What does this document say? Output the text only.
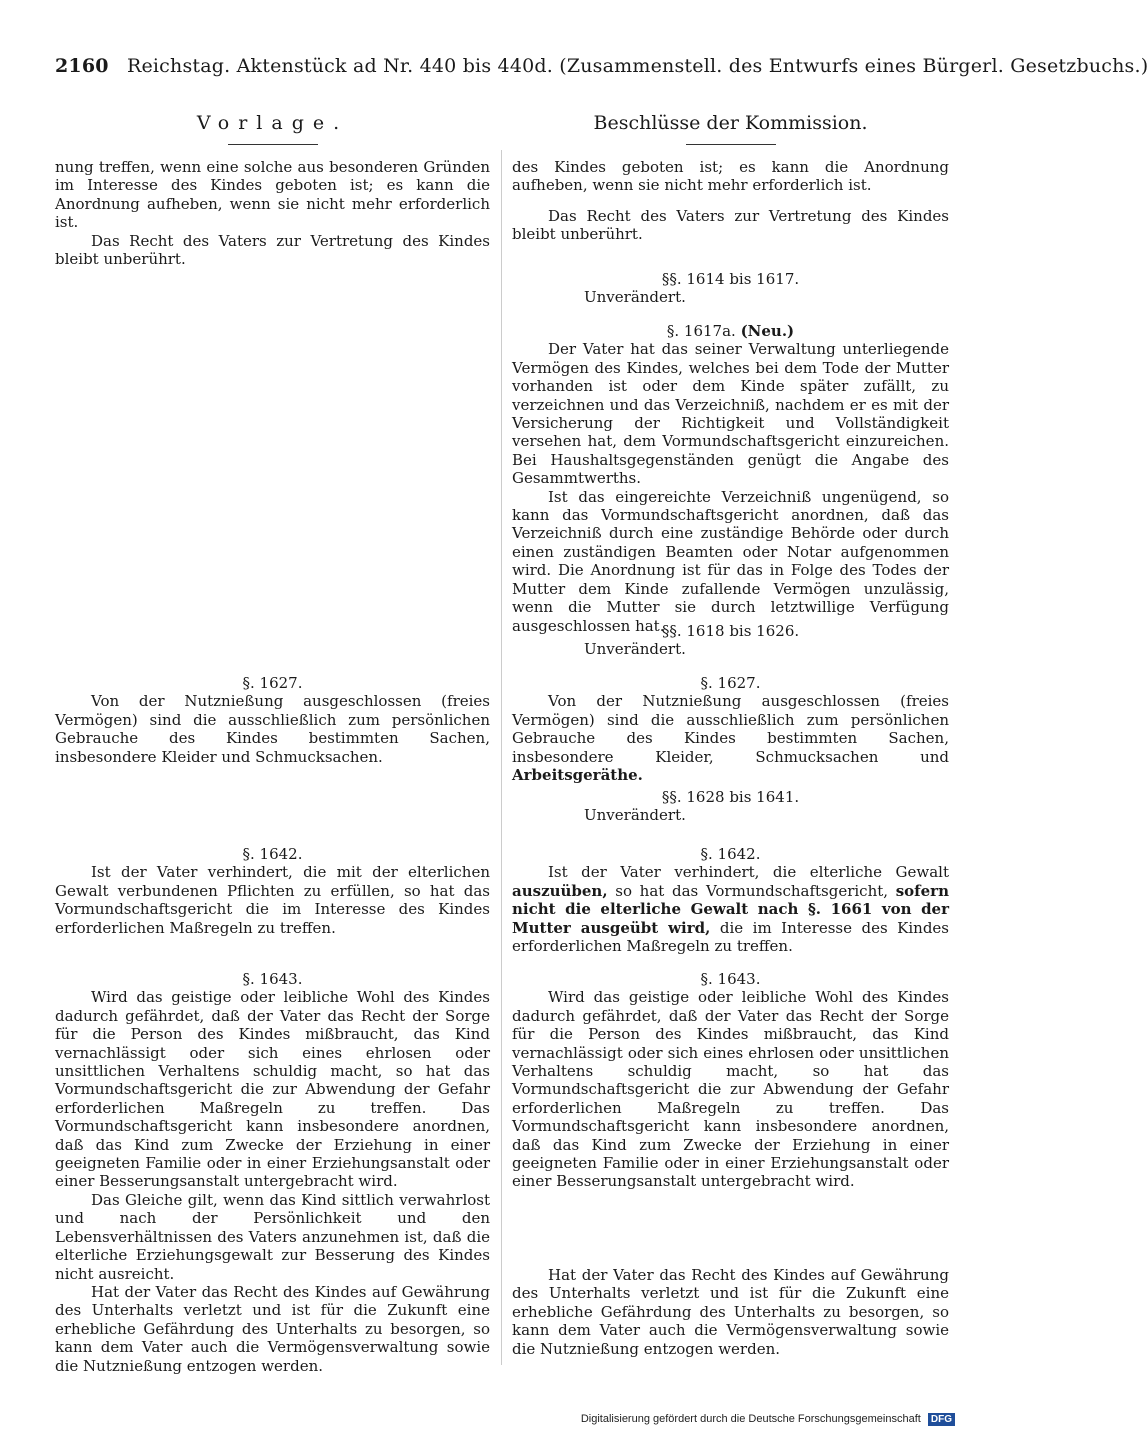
2160 Reichstag. Aktenstück ad Nr. 440 bis 440d. (Zusammenstell. des Entwurfs eines Bürgerl. Gesetzbuchs.)
Vorlage.

nung treffen, wenn eine solche aus besonderen Gründen im Interesse des Kindes geboten ist; es kann die Anordnung aufheben, wenn sie nicht mehr erforderlich ist.

Das Recht des Vaters zur Vertretung des Kindes bleibt unberührt.

§. 1627.

Von der Nutznießung ausgeschlossen (freies Vermögen) sind die ausschließlich zum persönlichen Gebrauche des Kindes bestimmten Sachen, insbesondere Kleider und Schmucksachen.

§. 1642.

Ist der Vater verhindert, die mit der elterlichen Gewalt verbundenen Pflichten zu erfüllen, so hat das Vormundschaftsgericht die im Interesse des Kindes erforderlichen Maßregeln zu treffen.

§. 1643.

Wird das geistige oder leibliche Wohl des Kindes dadurch gefährdet, daß der Vater das Recht der Sorge für die Person des Kindes mißbraucht, das Kind vernachlässigt oder sich eines ehrlosen oder unsittlichen Verhaltens schuldig macht, so hat das Vormundschaftsgericht die zur Abwendung der Gefahr erforderlichen Maßregeln zu treffen. Das Vormundschaftsgericht kann insbesondere anordnen, daß das Kind zum Zwecke der Erziehung in einer geeigneten Familie oder in einer Erziehungsanstalt oder einer Besserungsanstalt untergebracht wird.

Das Gleiche gilt, wenn das Kind sittlich verwahrlost und nach der Persönlichkeit und den Lebensverhältnissen des Vaters anzunehmen ist, daß die elterliche Erziehungsgewalt zur Besserung des Kindes nicht ausreicht.

Hat der Vater das Recht des Kindes auf Gewährung des Unterhalts verletzt und ist für die Zukunft eine erhebliche Gefährdung des Unterhalts zu besorgen, so kann dem Vater auch die Vermögensverwaltung sowie die Nutznießung entzogen werden.

Beschlüsse der Kommission.

des Kindes geboten ist; es kann die Anordnung aufheben, wenn sie nicht mehr erforderlich ist.

Das Recht des Vaters zur Vertretung des Kindes bleibt unberührt.

§§. 1614 bis 1617.

Unverändert.

§. 1617a. (Neu.)

Der Vater hat das seiner Verwaltung unterliegende Vermögen des Kindes, welches bei dem Tode der Mutter vorhanden ist oder dem Kinde später zufällt, zu verzeichnen und das Verzeichniß, nachdem er es mit der Versicherung der Richtigkeit und Vollständigkeit versehen hat, dem Vormundschaftsgericht einzureichen. Bei Haushaltsgegenständen genügt die Angabe des Gesammtwerths.

Ist das eingereichte Verzeichniß ungenügend, so kann das Vormundschaftsgericht anordnen, daß das Verzeichniß durch eine zuständige Behörde oder durch einen zuständigen Beamten oder Notar aufgenommen wird. Die Anordnung ist für das in Folge des Todes der Mutter dem Kinde zufallende Vermögen unzulässig, wenn die Mutter sie durch letztwillige Verfügung ausgeschlossen hat.

§§. 1618 bis 1626.

Unverändert.

§. 1627.

Von der Nutznießung ausgeschlossen (freies Vermögen) sind die ausschließlich zum persönlichen Gebrauche des Kindes bestimmten Sachen, insbesondere Kleider, Schmucksachen und Arbeitsgeräthe.

§§. 1628 bis 1641.

Unverändert.

§. 1642.

Ist der Vater verhindert, die elterliche Gewalt auszuüben, so hat das Vormundschaftsgericht, sofern nicht die elterliche Gewalt nach §. 1661 von der Mutter ausgeübt wird, die im Interesse des Kindes erforderlichen Maßregeln zu treffen.

§. 1643.

Wird das geistige oder leibliche Wohl des Kindes dadurch gefährdet, daß der Vater das Recht der Sorge für die Person des Kindes mißbraucht, das Kind vernachlässigt oder sich eines ehrlosen oder unsittlichen Verhaltens schuldig macht, so hat das Vormundschaftsgericht die zur Abwendung der Gefahr erforderlichen Maßregeln zu treffen. Das Vormundschaftsgericht kann insbesondere anordnen, daß das Kind zum Zwecke der Erziehung in einer geeigneten Familie oder in einer Erziehungsanstalt oder einer Besserungsanstalt untergebracht wird.

Hat der Vater das Recht des Kindes auf Gewährung des Unterhalts verletzt und ist für die Zukunft eine erhebliche Gefährdung des Unterhalts zu besorgen, so kann dem Vater auch die Vermögensverwaltung sowie die Nutznießung entzogen werden.

Digitalisierung gefördert durch die Deutsche Forschungsgemeinschaft DFG
